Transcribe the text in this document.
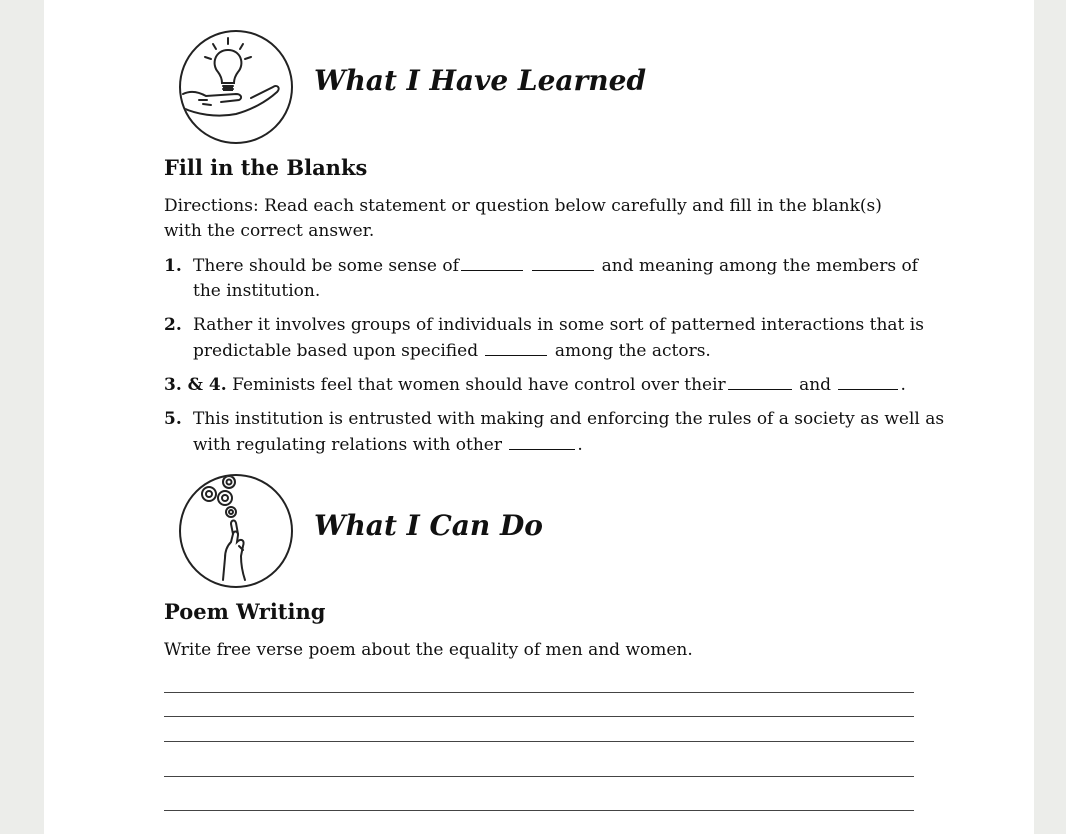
What I Have Learned
Fill in the Blanks

Directions: Read each statement or question below carefully and fill in the blank(s) with the correct answer.

1. There should be some sense of	and meaning among the members of the institution.

2. Rather it involves groups of individuals in some sort of patterned interactions that is predictable based upon specified	among the actors.

3. & 4. Feminists feel that women should have control over their	and	.

5. This institution is entrusted with making and enforcing the rules of a society as well as with regulating relations with other	.

What I Can Do
Poem Writing

Write free verse poem about the equality of men and women.
